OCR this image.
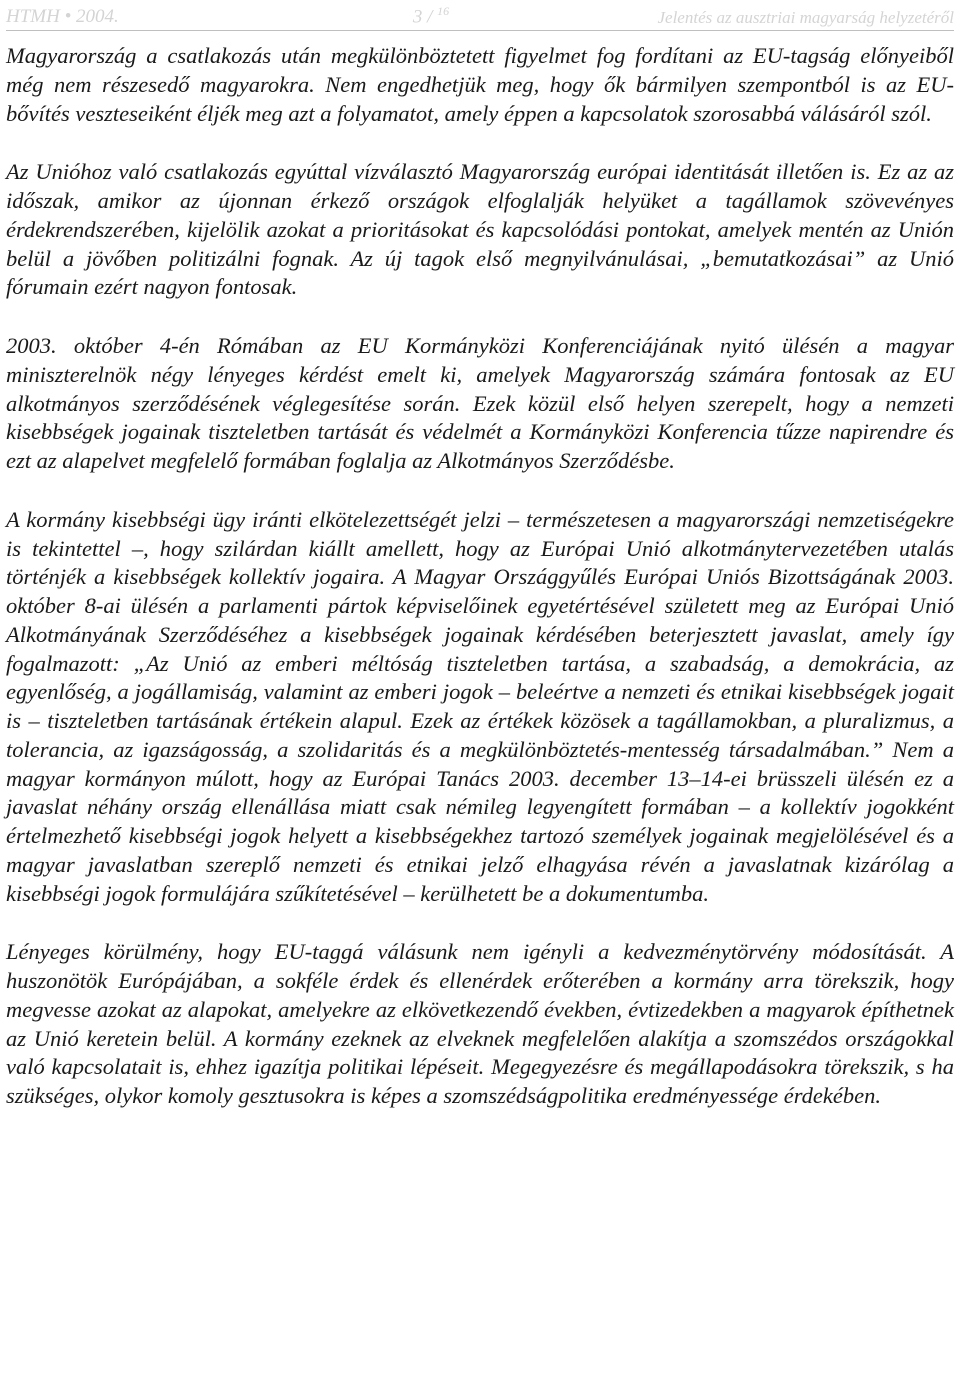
HTMH • 2004.	3 / $^{16}$	Jelentés az ausztriai magyarság helyzetéről

Magyarország a csatlakozás után megkülönböztetett figyelmet fog fordítani az EU-tagság előnyeiből még nem részesedő magyarokra. Nem engedhetjük meg, hogy ők bármilyen szempontból is az EU-bővítés veszteseiként éljék meg azt a folyamatot, amely éppen a kapcsolatok szorosabbá válásáról szól.

Az Unióhoz való csatlakozás egyúttal vízválasztó Magyarország európai identitását illetően is. Ez az az időszak, amikor az újonnan érkező országok elfoglalják helyüket a tagállamok szövevényes érdekrendszerében, kijelölik azokat a prioritásokat és kapcsolódási pontokat, amelyek mentén az Unión belül a jövőben politizálni fognak. Az új tagok első megnyilvánulásai, „bemutatkozásai” az Unió fórumain ezért nagyon fontosak.

2003. október 4-én Rómában az EU Kormányközi Konferenciájának nyitó ülésén a magyar miniszterelnök négy lényeges kérdést emelt ki, amelyek Magyarország számára fontosak az EU alkotmányos szerződésének véglegesítése során. Ezek közül első helyen szerepelt, hogy a nemzeti kisebbségek jogainak tiszteletben tartását és védelmét a Kormányközi Konferencia tűzze napirendre és ezt az alapelvet megfelelő formában foglalja az Alkotmányos Szerződésbe.

A kormány kisebbségi ügy iránti elkötelezettségét jelzi – természetesen a magyarországi nemzetiségekre is tekintettel –, hogy szilárdan kiállt amellett, hogy az Európai Unió alkotmánytervezetében utalás történjék a kisebbségek kollektív jogaira. A Magyar Országgyűlés Európai Uniós Bizottságának 2003. október 8-ai ülésén a parlamenti pártok képviselőinek egyetértésével született meg az Európai Unió Alkotmányának Szerződéséhez a kisebbségek jogainak kérdésében beterjesztett javaslat, amely így fogalmazott: „Az Unió az emberi méltóság tiszteletben tartása, a szabadság, a demokrácia, az egyenlőség, a jogállamiság, valamint az emberi jogok – beleértve a nemzeti és etnikai kisebbségek jogait is – tiszteletben tartásának értékein alapul. Ezek az értékek közösek a tagállamokban, a pluralizmus, a tolerancia, az igazságosság, a szolidaritás és a megkülönböztetés-mentesség társadalmában.” Nem a magyar kormányon múlott, hogy az Európai Tanács 2003. december 13–14-ei brüsszeli ülésén ez a javaslat néhány ország ellenállása miatt csak némileg legyengített formában – a kollektív jogokként értelmezhető kisebbségi jogok helyett a kisebbségekhez tartozó személyek jogainak megjelölésével és a magyar javaslatban szereplő nemzeti és etnikai jelző elhagyása révén a javaslatnak kizárólag a kisebbségi jogok formulájára szűkítetésével – kerülhetett be a dokumentumba.

Lényeges körülmény, hogy EU-taggá válásunk nem igényli a kedvezménytörvény módosítását. A huszonötök Európájában, a sokféle érdek és ellenérdek erőterében a kormány arra törekszik, hogy megvesse azokat az alapokat, amelyekre az elkövetkezendő években, évtizedekben a magyarok építhetnek az Unió keretein belül. A kormány ezeknek az elveknek megfelelően alakítja a szomszédos országokkal való kapcsolatait is, ehhez igazítja politikai lépéseit. Megegyezésre és megállapodásokra törekszik, s ha szükséges, olykor komoly gesztusokra is képes a szomszédságpolitika eredményessége érdekében.
